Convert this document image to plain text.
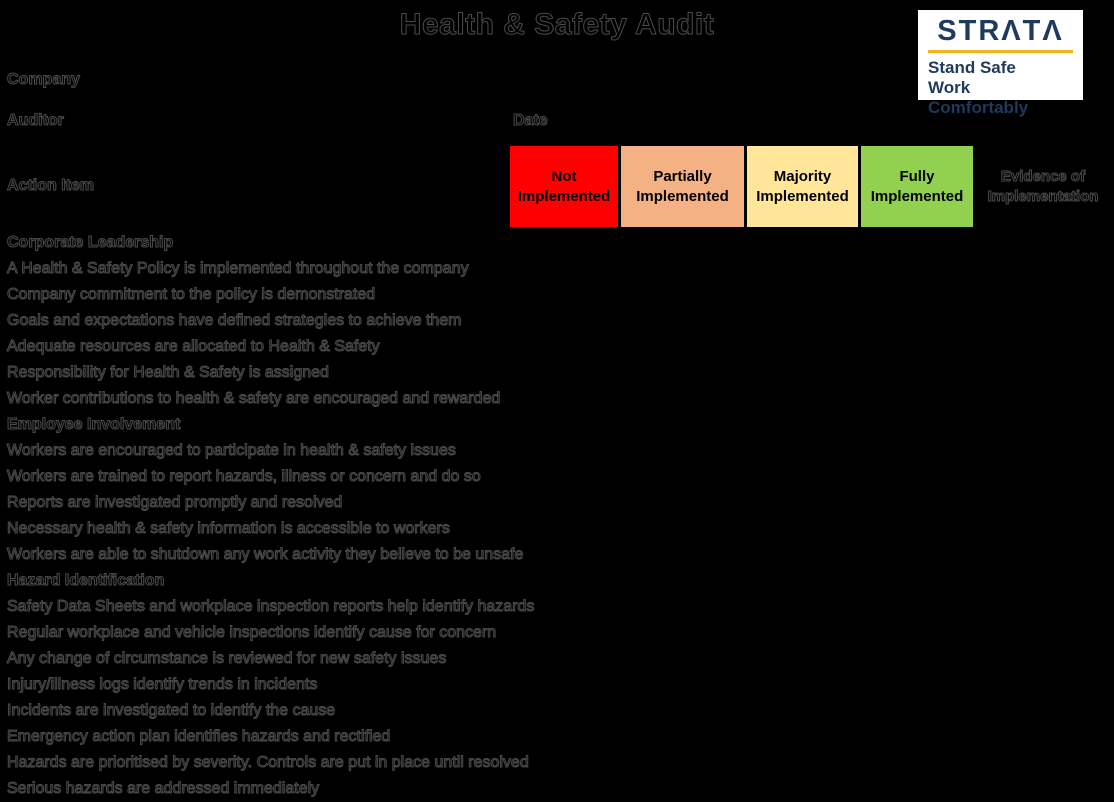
Health & Safety Audit	STRΛTΛ
Stand Safe
Work Comfortably
Company
Auditor	Date
Action Item
Not
Implemented
Partially
Implemented
Majority
Implemented
Fully
Implemented
Evidence of
Implementation
Corporate Leadership
A Health & Safety Policy is implemented throughout the company
Company commitment to the policy is demonstrated
Goals and expectations have defined strategies to achieve them
Adequate resources are allocated to Health & Safety
Responsibility for Health & Safety is assigned
Worker contributions to health & safety are encouraged and rewarded
Employee Involvement
Workers are encouraged to participate in health & safety issues
Workers are trained to report hazards, illness or concern and do so
Reports are investigated promptly and resolved
Necessary health & safety information is accessible to workers
Workers are able to shutdown any work activity they believe to be unsafe
Hazard Identification
Safety Data Sheets and workplace inspection reports help identify hazards
Regular workplace and vehicle inspections identify cause for concern
Any change of circumstance is reviewed for new safety issues
Injury/illness logs identify trends in incidents
Incidents are investigated to identify the cause
Emergency action plan identifies hazards and rectified
Hazards are prioritised by severity. Controls are put in place until resolved
Serious hazards are addressed immediately
